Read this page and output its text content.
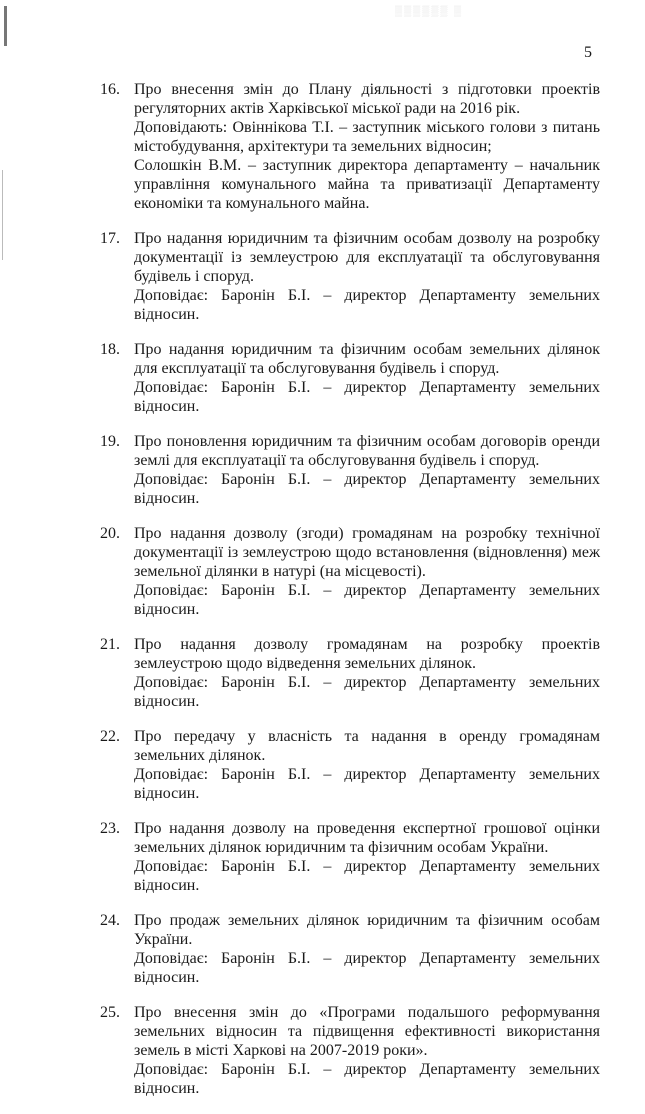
▒▒▒▒▒▒ ▒
5
16. Про внесення змін до Плану діяльності з підготовки проектів регуляторних актів Харківської міської ради на 2016 рік.
Доповідають: Овіннікова Т.І. – заступник міського голови з питань містобудування, архітектури та земельних відносин;
Солошкін В.М. – заступник директора департаменту – начальник управління комунального майна та приватизації Департаменту економіки та комунального майна.
17. Про надання юридичним та фізичним особам дозволу на розробку документації із землеустрою для експлуатації та обслуговування будівель і споруд.
Доповідає: Баронін Б.І. – директор Департаменту земельних відносин.
18. Про надання юридичним та фізичним особам земельних ділянок для експлуатації та обслуговування будівель і споруд.
Доповідає: Баронін Б.І. – директор Департаменту земельних відносин.
19. Про поновлення юридичним та фізичним особам договорів оренди землі для експлуатації та обслуговування будівель і споруд.
Доповідає: Баронін Б.І. – директор Департаменту земельних відносин.
20. Про надання дозволу (згоди) громадянам на розробку технічної документації із землеустрою щодо встановлення (відновлення) меж земельної ділянки в натурі (на місцевості).
Доповідає: Баронін Б.І. – директор Департаменту земельних відносин.
21. Про надання дозволу громадянам на розробку проектів землеустрою щодо відведення земельних ділянок.
Доповідає: Баронін Б.І. – директор Департаменту земельних відносин.
22. Про передачу у власність та надання в оренду громадянам земельних ділянок.
Доповідає: Баронін Б.І. – директор Департаменту земельних відносин.
23. Про надання дозволу на проведення експертної грошової оцінки земельних ділянок юридичним та фізичним особам України.
Доповідає: Баронін Б.І. – директор Департаменту земельних відносин.
24. Про продаж земельних ділянок юридичним та фізичним особам України.
Доповідає: Баронін Б.І. – директор Департаменту земельних відносин.
25. Про внесення змін до «Програми подальшого реформування земельних відносин та підвищення ефективності використання земель в місті Харкові на 2007-2019 роки».
Доповідає: Баронін Б.І. – директор Департаменту земельних відносин.
